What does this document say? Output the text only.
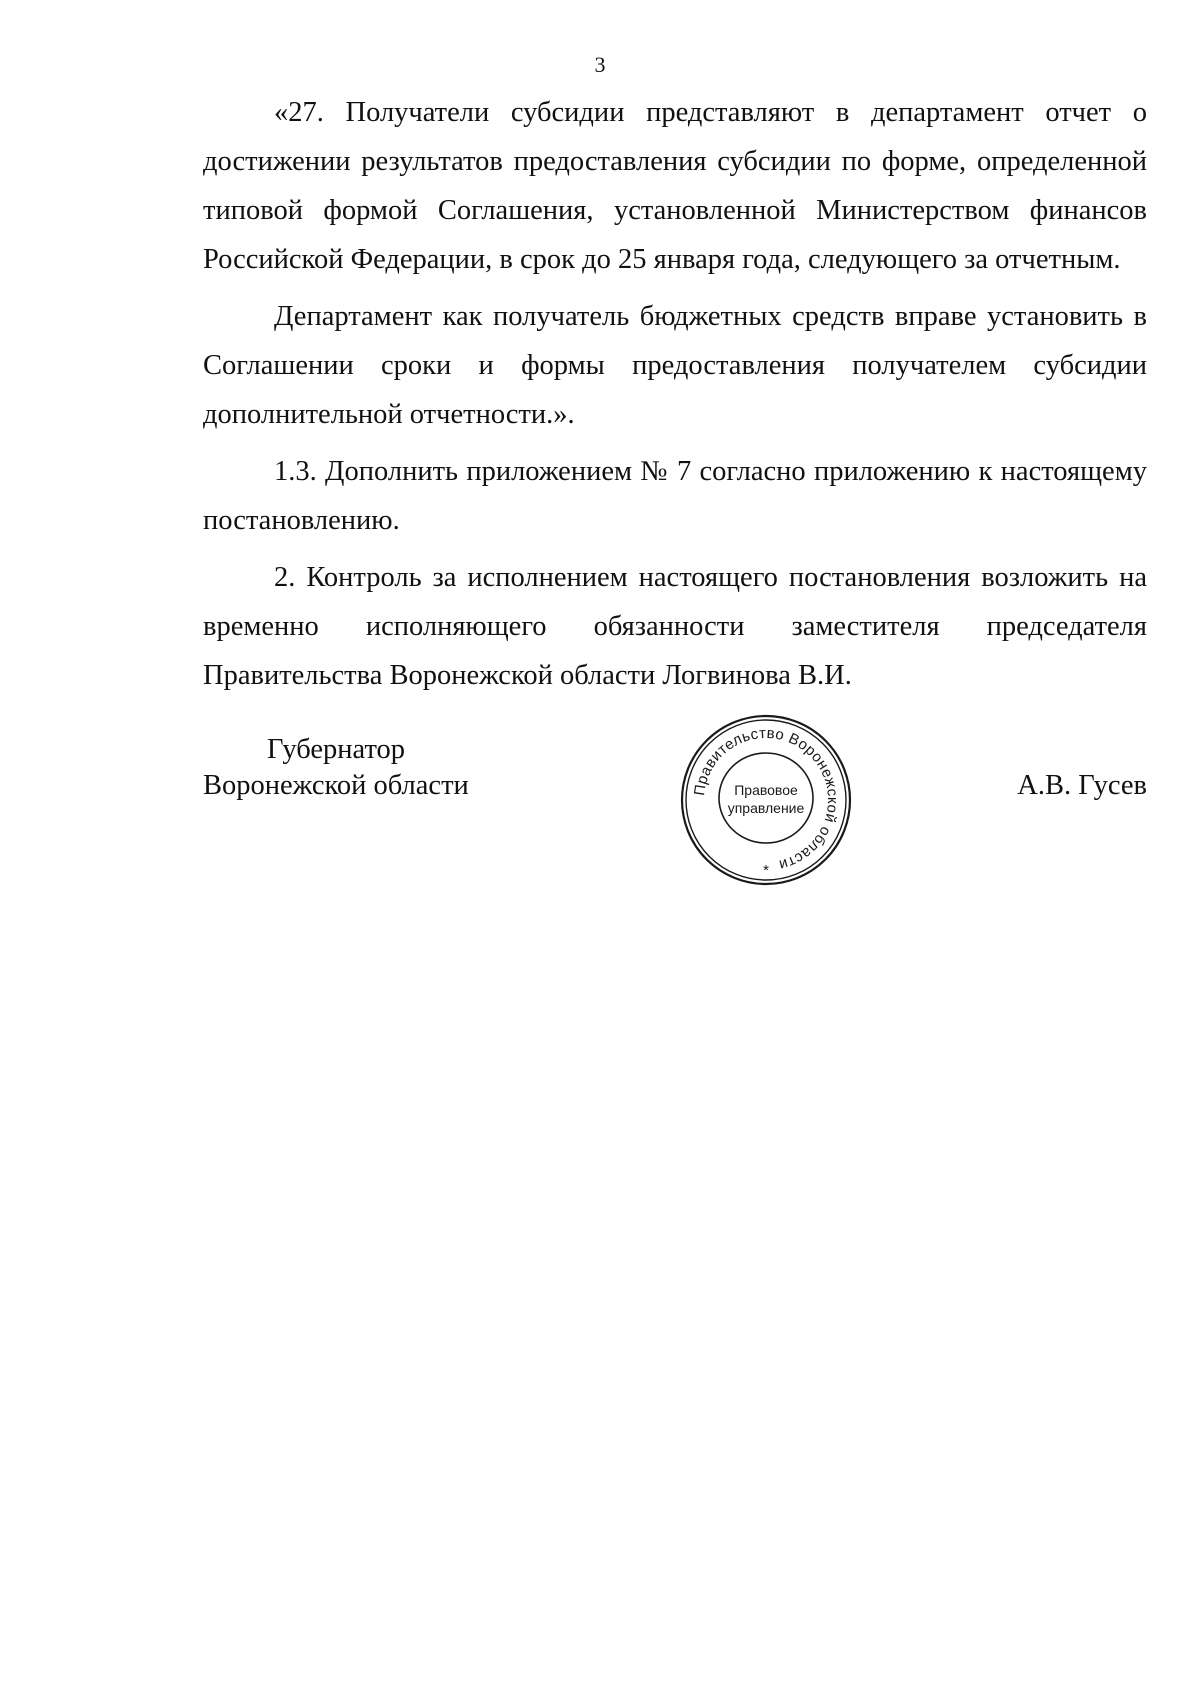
3

«27. Получатели субсидии представляют в департамент отчет о достижении результатов предоставления субсидии по форме, определенной типовой формой Соглашения, установленной Министерством финансов Российской Федерации, в срок до 25 января года, следующего за отчетным.

Департамент как получатель бюджетных средств вправе установить в Соглашении сроки и формы предоставления получателем субсидии дополнительной отчетности.».

1.3. Дополнить приложением № 7 согласно приложению к настоящему постановлению.

2. Контроль за исполнением настоящего постановления возложить на временно исполняющего обязанности заместителя председателя Правительства Воронежской области Логвинова В.И.

Губернатор
Воронежской области	Правительство Воронежской области
Правовое
управление
*
А.В. Гусев
